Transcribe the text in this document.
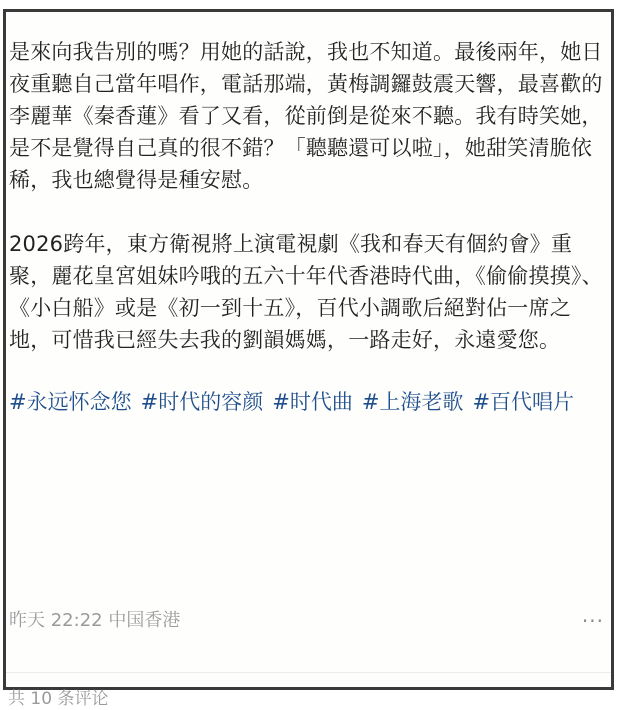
是來向我告別的嗎？用她的話說，我也不知道。最後兩年，她日夜重聽自己當年唱作，電話那端，黃梅調鑼鼓震天響，最喜歡的李麗華《秦香蓮》看了又看，從前倒是從來不聽。我有時笑她，是不是覺得自己真的很不錯？「聽聽還可以啦」，她甜笑清脆依稀，我也總覺得是種安慰。

2026跨年，東方衛視將上演電視劇《我和春天有個約會》重聚，麗花皇宮姐妹吟哦的五六十年代香港時代曲，《偷偷摸摸》、《小白船》或是《初一到十五》，百代小調歌后絕對佔一席之地，可惜我已經失去我的劉韻媽媽，一路走好，永遠愛您。

#永远怀念您 #时代的容颜 #时代曲 #上海老歌 #百代唱片
昨天 22:22 中国香港	···
共 10 条评论
